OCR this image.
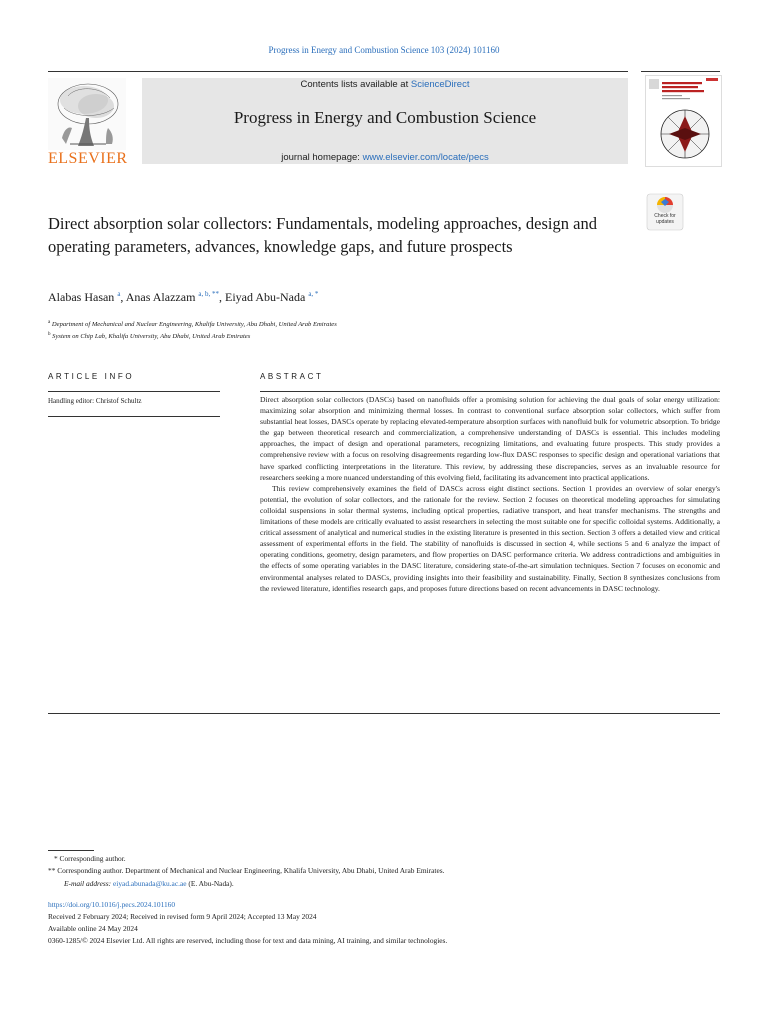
Progress in Energy and Combustion Science 103 (2024) 101160
ELSEVIER
Contents lists available at ScienceDirect
Progress in Energy and Combustion Science
journal homepage: www.elsevier.com/locate/pecs
Check for
updates
Direct absorption solar collectors: Fundamentals, modeling approaches, design and operating parameters, advances, knowledge gaps, and future prospects
Alabas Hasan $^a$, Anas Alazzam $^{a, b, **}$, Eiyad Abu-Nada $^{a, *}$
$^a$ Department of Mechanical and Nuclear Engineering, Khalifa University, Abu Dhabi, United Arab Emirates
$^b$ System on Chip Lab, Khalifa University, Abu Dhabi, United Arab Emirates
ARTICLE INFO	ABSTRACT
Handling editor: Christof Schultz	Direct absorption solar collectors (DASCs) based on nanofluids offer a promising solution for achieving the dual goals of solar energy utilization: maximizing solar absorption and minimizing thermal losses. In contrast to conventional surface absorption solar collectors, which suffer from substantial heat losses, DASCs operate by replacing elevated-temperature absorption surfaces with nanofluid bulk for volumetric absorption. To bridge the gap between theoretical research and commercialization, a comprehensive understanding of DASCs is essential. This includes modeling approaches, the impact of design and operational parameters, recognizing limitations, and evaluating future prospects. This study provides a comprehensive review with a focus on resolving disagreements regarding low-flux DASC responses to specific design and operational variations that have sparked conflicting interpretations in the literature. This review, by addressing these discrepancies, serves as an invaluable resource for researchers seeking a more nuanced understanding of this evolving field, facilitating its advancement into practical applications.

This review comprehensively examines the field of DASCs across eight distinct sections. Section 1 provides an overview of solar energy's potential, the evolution of solar collectors, and the rationale for the review. Section 2 focuses on theoretical modeling approaches for simulating colloidal suspensions in solar thermal systems, including optical properties, radiative transport, and heat transfer mechanisms. The strengths and limitations of these models are critically evaluated to assist researchers in selecting the most suitable one for specific colloidal systems. Additionally, a critical assessment of analytical and numerical studies in the existing literature is presented in this section. Section 3 offers a detailed view and critical assessment of experimental efforts in the field. The stability of nanofluids is discussed in section 4, while sections 5 and 6 analyze the impact of operating conditions, geometry, design parameters, and flow properties on DASC performance criteria. We address contradictions and ambiguities in the effects of some operating variables in the DASC literature, considering state-of-the-art simulation techniques. Section 7 focuses on economic and environmental analyses related to DASCs, providing insights into their feasibility and sustainability. Finally, Section 8 synthesizes conclusions from the reviewed literature, identifies research gaps, and proposes future directions based on recent advancements in DASC technology.

* Corresponding author.
** Corresponding author. Department of Mechanical and Nuclear Engineering, Khalifa University, Abu Dhabi, United Arab Emirates.
E-mail address: eiyad.abunada@ku.ac.ae (E. Abu-Nada).
https://doi.org/10.1016/j.pecs.2024.101160
Received 2 February 2024; Received in revised form 9 April 2024; Accepted 13 May 2024
Available online 24 May 2024
0360-1285/© 2024 Elsevier Ltd. All rights are reserved, including those for text and data mining, AI training, and similar technologies.
